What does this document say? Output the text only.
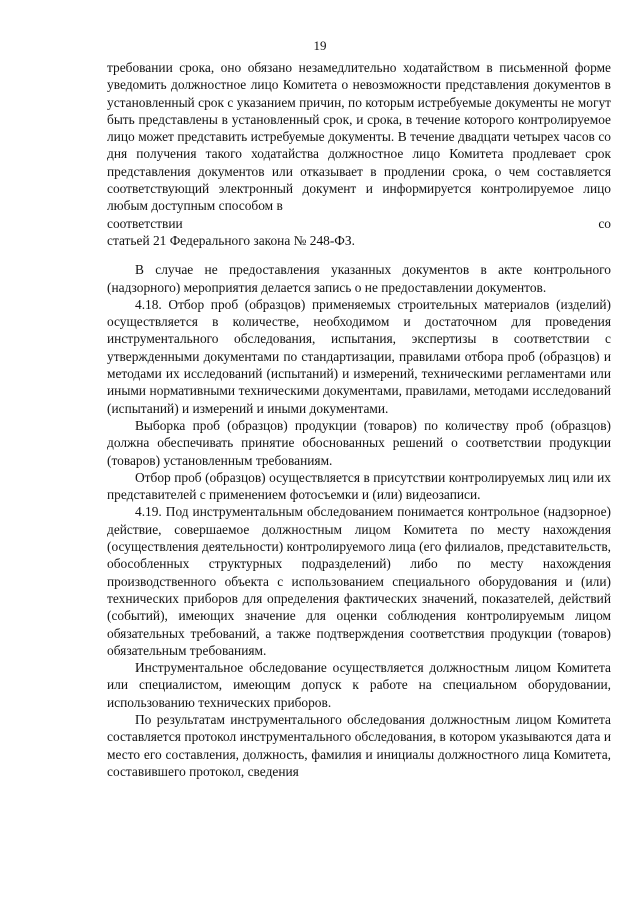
19

требовании срока, оно обязано незамедлительно ходатайством в письменной форме уведомить должностное лицо Комитета о невозможности представления документов в установленный срок с указанием причин, по которым истребуемые документы не могут быть представлены в установленный срок, и срока, в течение которого контролируемое лицо может представить истребуемые документы. В течение двадцати четырех часов со дня получения такого ходатайства должностное лицо Комитета продлевает срок представления документов или отказывает в продлении срока, о чем составляется соответствующий электронный документ и информируется контролируемое лицо любым доступным способом в

соответствии	со

статьей 21 Федерального закона № 248-ФЗ.

В случае не предоставления указанных документов в акте контрольного (надзорного) мероприятия делается запись о не предоставлении документов.

4.18. Отбор проб (образцов) применяемых строительных материалов (изделий) осуществляется в количестве, необходимом и достаточном для проведения инструментального обследования, испытания, экспертизы в соответствии с утвержденными документами по стандартизации, правилами отбора проб (образцов) и методами их исследований (испытаний) и измерений, техническими регламентами или иными нормативными техническими документами, правилами, методами исследований (испытаний) и измерений и иными документами.

Выборка проб (образцов) продукции (товаров) по количеству проб (образцов) должна обеспечивать принятие обоснованных решений о соответствии продукции (товаров) установленным требованиям.

Отбор проб (образцов) осуществляется в присутствии контролируемых лиц или их представителей с применением фотосъемки и (или) видеозаписи.

4.19. Под инструментальным обследованием понимается контрольное (надзорное) действие, совершаемое должностным лицом Комитета по месту нахождения (осуществления деятельности) контролируемого лица (его филиалов, представительств, обособленных структурных подразделений) либо по месту нахождения производственного объекта с использованием специального оборудования и (или) технических приборов для определения фактических значений, показателей, действий (событий), имеющих значение для оценки соблюдения контролируемым лицом обязательных требований, а также подтверждения соответствия продукции (товаров) обязательным требованиям.

Инструментальное обследование осуществляется должностным лицом Комитета или специалистом, имеющим допуск к работе на специальном оборудовании, использованию технических приборов.

По результатам инструментального обследования должностным лицом Комитета составляется протокол инструментального обследования, в котором указываются дата и место его составления, должность, фамилия и инициалы должностного лица Комитета, составившего протокол, сведения
